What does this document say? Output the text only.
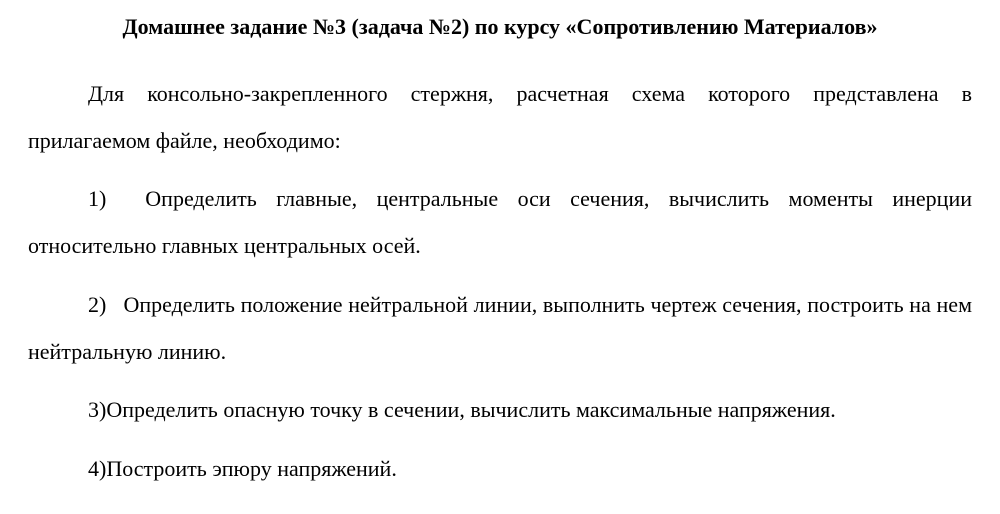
Домашнее задание №3 (задача №2) по курсу «Сопротивлению Материалов»

Для консольно-закрепленного стержня, расчетная схема которого представлена в прилагаемом файле, необходимо:

1)  Определить главные, центральные оси сечения, вычислить моменты инерции относительно главных центральных осей.

2)   Определить положение нейтральной линии, выполнить чертеж сечения, построить на нем нейтральную линию.

3)Определить опасную точку в сечении, вычислить максимальные напряжения.

4)Построить эпюру напряжений.
